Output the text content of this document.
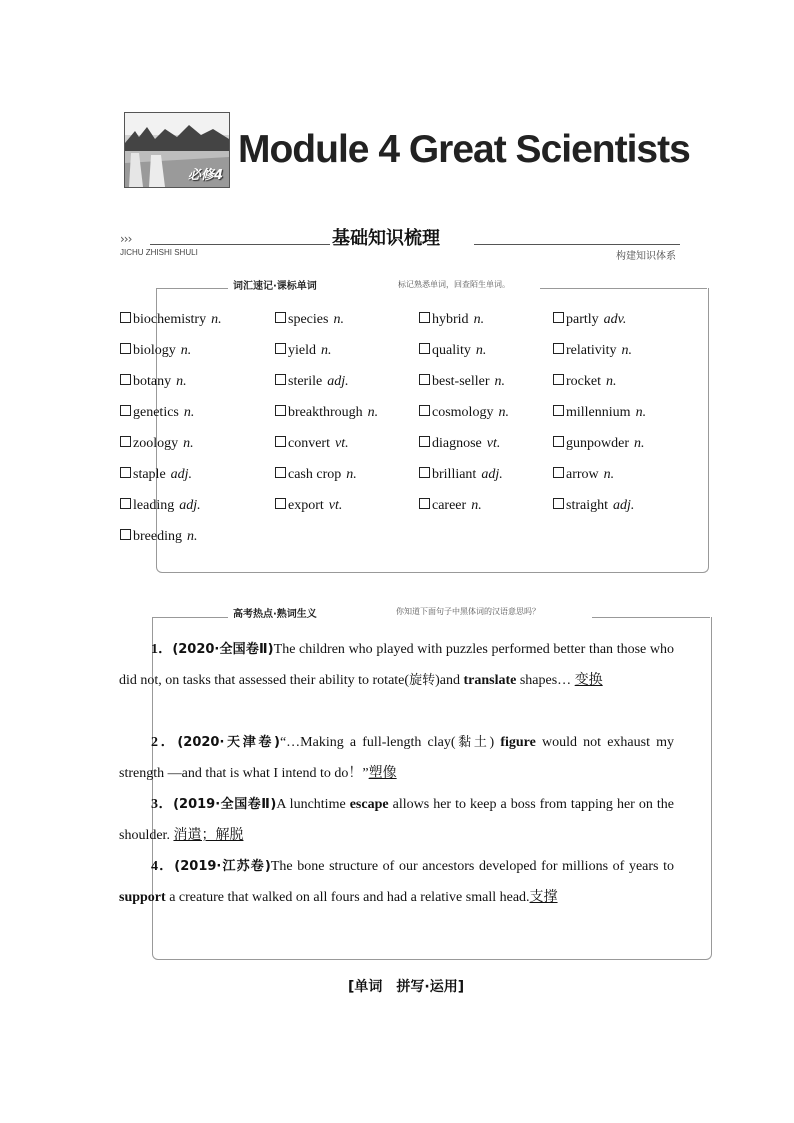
必修4
Module 4 Great Scientists
›››
JICHU ZHISHI SHULI
基础知识梳理
构建知识体系
词汇速记·课标单词	标记熟悉单词，回查陌生单词。
biochemistry n.	species n.	hybrid n.	partly adv.
biology n.	yield n.	quality n.	relativity n.
botany n.	sterile adj.	best-seller n.	rocket n.
genetics n.	breakthrough n.	cosmology n.	millennium n.
zoology n.	convert vt.	diagnose vt.	gunpowder n.
staple adj.	cash crop n.	brilliant adj.	arrow n.
leading adj.	export vt.	career n.	straight adj.
breeding n.
高考热点·熟词生义	你知道下面句子中黑体词的汉语意思吗？
1．(2020·全国卷Ⅱ)The children who played with puzzles performed better than those who did not, on tasks that assessed their ability to rotate(旋转)and translate shapes… 变换
2．(2020·天津卷)“…Making a full-length clay(黏土) figure would not exhaust my strength —and that is what I intend to do！”塑像
3．(2019·全国卷Ⅱ)A lunchtime escape allows her to keep a boss from tapping her on the shoulder. 消遣；解脱
4．(2019·江苏卷)The bone structure of our ancestors developed for millions of years to support a creature that walked on all fours and had a relative small head.支撑
[单词　拼写·运用]
